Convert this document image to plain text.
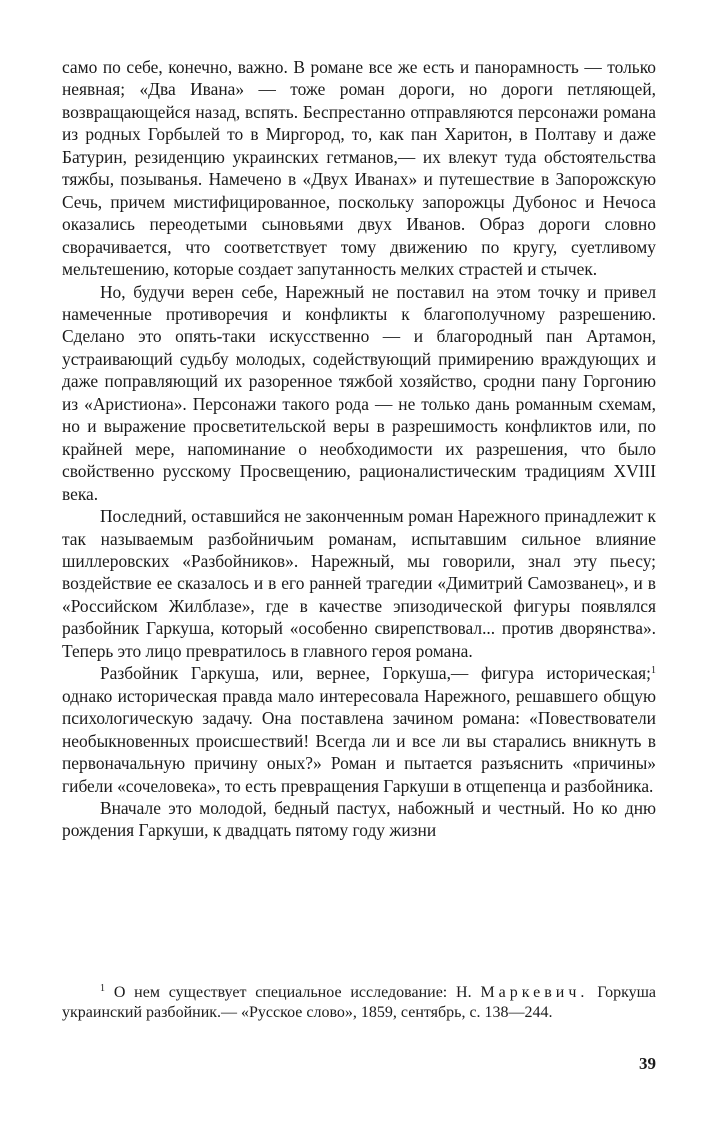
само по себе, конечно, важно. В романе все же есть и панорамность — только неявная; «Два Ивана» — тоже роман дороги, но дороги петляющей, возвращающейся назад, вспять. Беспрестанно отправляются персонажи романа из родных Горбылей то в Миргород, то, как пан Харитон, в Полтаву и даже Батурин, резиденцию украинских гетманов,— их влекут туда обстоятельства тяжбы, позыванья. Намечено в «Двух Иванах» и путешествие в Запорожскую Сечь, причем мистифицированное, поскольку запорожцы Дубонос и Нечоса оказались переодетыми сыновьями двух Иванов. Образ дороги словно сворачивается, что соответствует тому движению по кругу, суетливому мельтешению, которые создает запутанность мелких страстей и стычек.

Но, будучи верен себе, Нарежный не поставил на этом точку и привел намеченные противоречия и конфликты к благополучному разрешению. Сделано это опять-таки искусственно — и благородный пан Артамон, устраивающий судьбу молодых, содействующий примирению враждующих и даже поправляющий их разоренное тяжбой хозяйство, сродни пану Горгонию из «Аристиона». Персонажи такого рода — не только дань романным схемам, но и выражение просветительской веры в разрешимость конфликтов или, по крайней мере, напоминание о необходимости их разрешения, что было свойственно русскому Просвещению, рационалистическим традициям XVIII века.

Последний, оставшийся не законченным роман Нарежного принадлежит к так называемым разбойничьим романам, испытавшим сильное влияние шиллеровских «Разбойников». Нарежный, мы говорили, знал эту пьесу; воздействие ее сказалось и в его ранней трагедии «Димитрий Самозванец», и в «Российском Жилблазе», где в качестве эпизодической фигуры появлялся разбойник Гаркуша, который «особенно свирепствовал... против дворянства». Теперь это лицо превратилось в главного героя романа.

Разбойник Гаркуша, или, вернее, Горкуша,— фигура историческая;$^1$ однако историческая правда мало интересовала Нарежного, решавшего общую психологическую задачу. Она поставлена зачином романа: «Повествователи необыкновенных происшествий! Всегда ли и все ли вы старались вникнуть в первоначальную причину оных?» Роман и пытается разъяснить «причины» гибели «сочеловека», то есть превращения Гаркуши в отщепенца и разбойника.

Вначале это молодой, бедный пастух, набожный и честный. Но ко дню рождения Гаркуши, к двадцать пятому году жизни

$^1$ О нем существует специальное исследование: Н. Маркевич. Горкуша украинский разбойник.— «Русское слово», 1859, сентябрь, с. 138—244.
39
